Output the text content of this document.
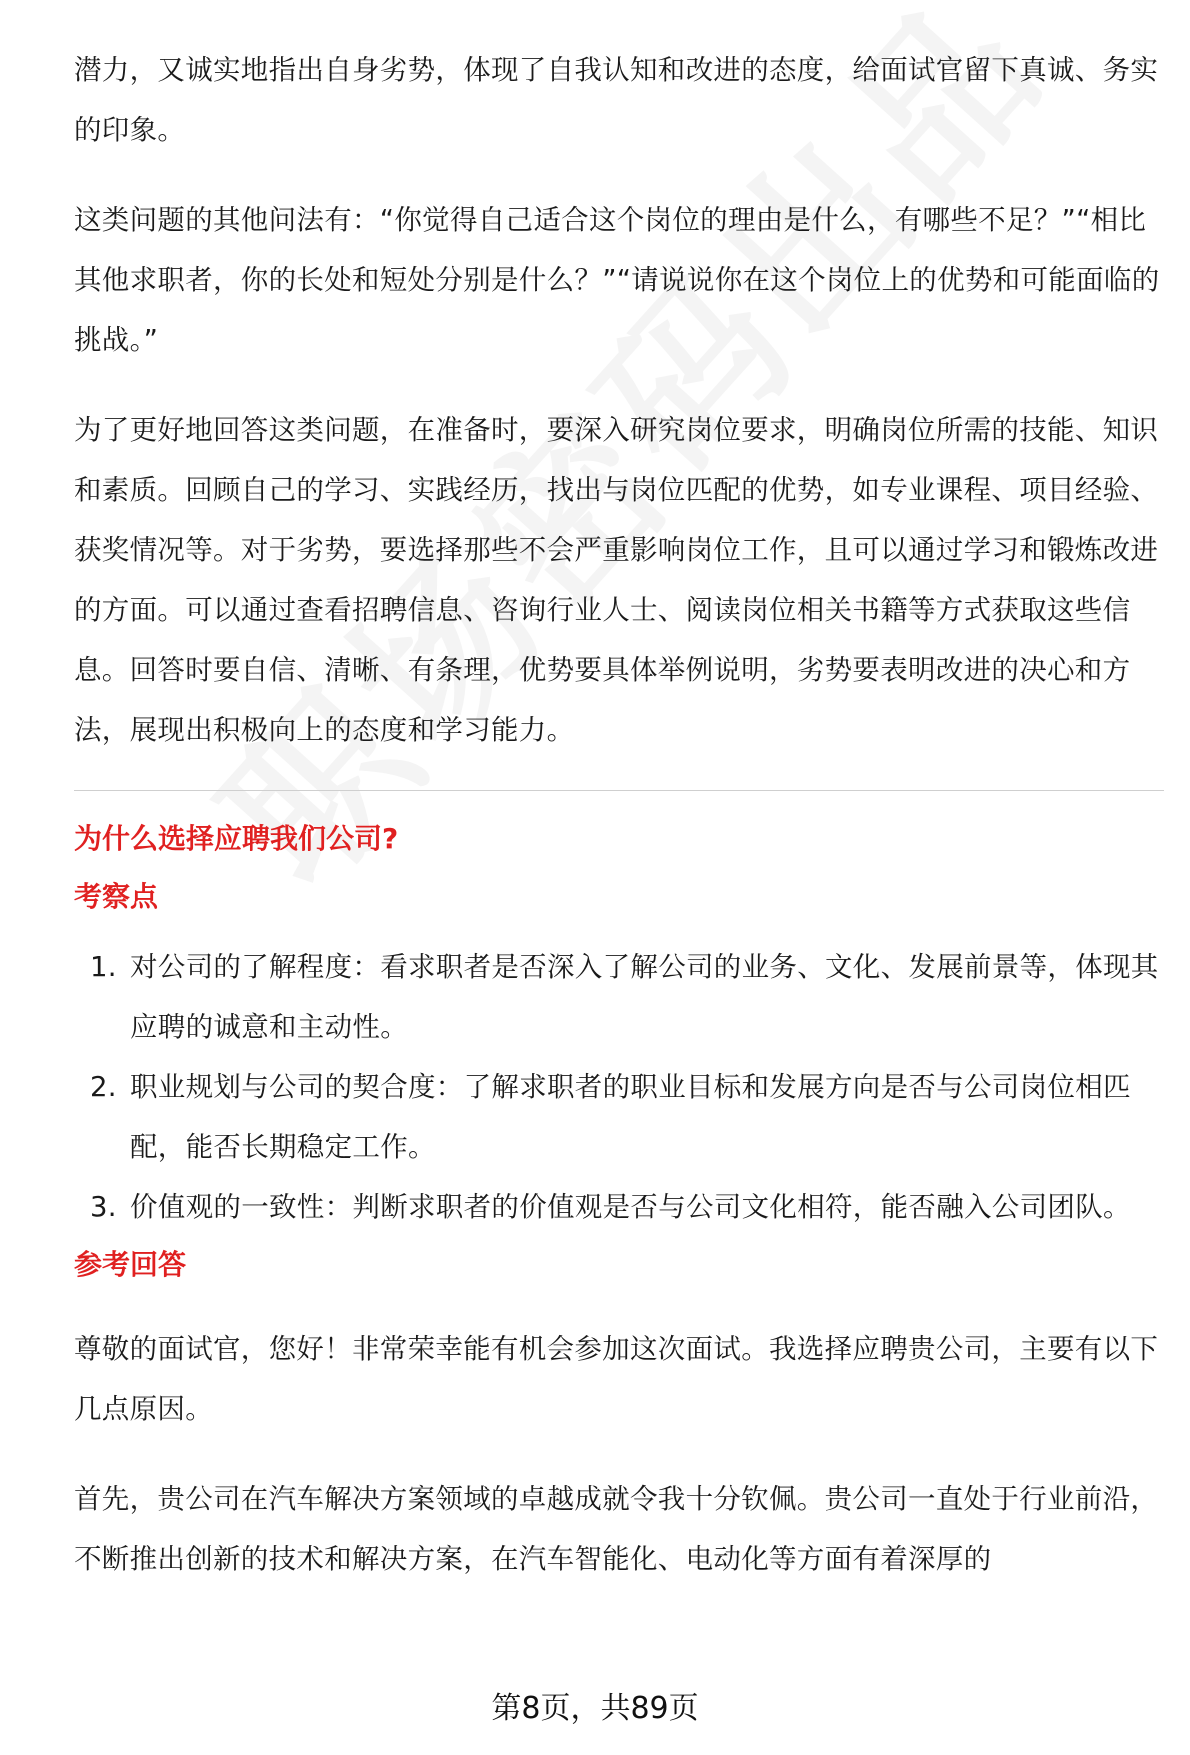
潜力，又诚实地指出自身劣势，体现了自我认知和改进的态度，给面试官留下真诚、务实的印象。

这类问题的其他问法有：“你觉得自己适合这个岗位的理由是什么，有哪些不足？”“相比其他求职者，你的长处和短处分别是什么？”“请说说你在这个岗位上的优势和可能面临的挑战。”

为了更好地回答这类问题，在准备时，要深入研究岗位要求，明确岗位所需的技能、知识和素质。回顾自己的学习、实践经历，找出与岗位匹配的优势，如专业课程、项目经验、获奖情况等。对于劣势，要选择那些不会严重影响岗位工作，且可以通过学习和锻炼改进的方面。可以通过查看招聘信息、咨询行业人士、阅读岗位相关书籍等方式获取这些信息。回答时要自信、清晰、有条理，优势要具体举例说明，劣势要表明改进的决心和方法，展现出积极向上的态度和学习能力。

为什么选择应聘我们公司?
考察点
1. 对公司的了解程度：看求职者是否深入了解公司的业务、文化、发展前景等，体现其应聘的诚意和主动性。
2. 职业规划与公司的契合度：了解求职者的职业目标和发展方向是否与公司岗位相匹配，能否长期稳定工作。
3. 价值观的一致性：判断求职者的价值观是否与公司文化相符，能否融入公司团队。
参考回答

尊敬的面试官，您好！非常荣幸能有机会参加这次面试。我选择应聘贵公司，主要有以下几点原因。

首先，贵公司在汽车解决方案领域的卓越成就令我十分钦佩。贵公司一直处于行业前沿，不断推出创新的技术和解决方案，在汽车智能化、电动化等方面有着深厚的

第8页，共89页
